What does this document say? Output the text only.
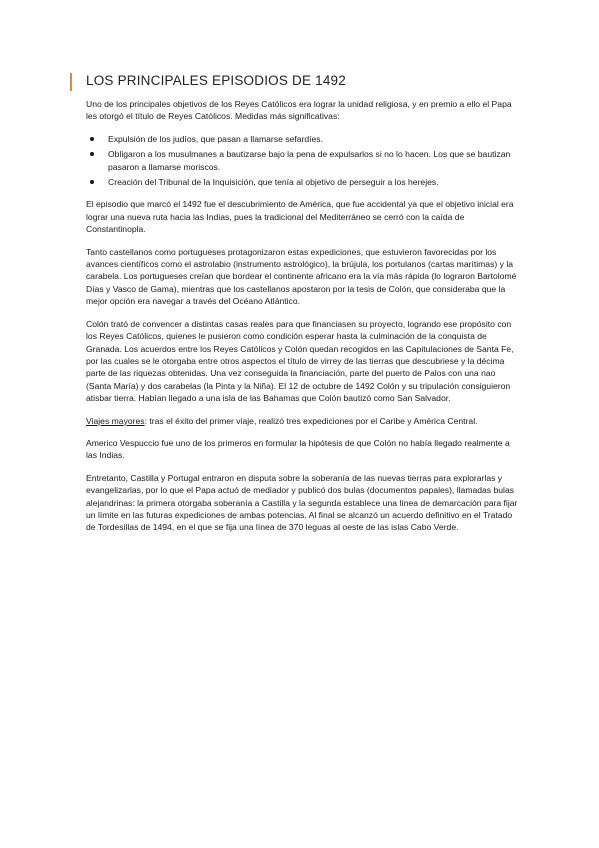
LOS PRINCIPALES EPISODIOS DE 1492

Uno de los principales objetivos de los Reyes Católicos era lograr la unidad religiosa, y en premio a ello el Papa les otorgó el título de Reyes Católicos. Medidas más significativas:

Expulsión de los judíos, que pasan a llamarse sefardíes.
Obligaron a los musulmanes a bautizarse bajo la pena de expulsarlos si no lo hacen. Los que se bautizan pasaron a llamarse moriscos.
Creación del Tribunal de la Inquisición, que tenía al objetivo de perseguir a los herejes.

El episodio que marcó el 1492 fue el descubrimiento de América, que fue accidental ya que el objetivo inicial era lograr una nueva ruta hacia las Indias, pues la tradicional del Mediterráneo se cerró con la caída de Constantinopla.

Tanto castellanos como portugueses protagonizaron estas expediciones, que estuvieron favorecidas por los avances científicos como el astrolabio (instrumento astrológico), la brújula, los portulanos (cartas marítimas) y la carabela. Los portugueses creían que bordear el continente africano era la vía más rápida (lo lograron Bartolomé Días y Vasco de Gama), mientras que los castellanos apostaron por la tesis de Colón, que consideraba que la mejor opción era navegar a través del Océano Atlántico.

Colón trató de convencer a distintas casas reales para que financiasen su proyecto, logrando ese propósito con los Reyes Católicos, quienes le pusieron como condición esperar hasta la culminación de la conquista de Granada. Los acuerdos entre los Reyes Católicos y Colón quedan recogidos en las Capitulaciones de Santa Fe, por las cuales se le otorgaba entre otros aspectos el título de virrey de las tierras que descubriese y la décima parte de las riquezas obtenidas. Una vez conseguida la financiación, parte del puerto de Palos con una nao (Santa María) y dos carabelas (la Pinta y la Niña). El 12 de octubre de 1492 Colón y su tripulación consiguieron atisbar tierra. Habían llegado a una isla de las Bahamas que Colón bautizó como San Salvador.

Viajes mayores: tras el éxito del primer viaje, realizó tres expediciones por el Caribe y América Central.

Americo Vespuccio fue uno de los primeros en formular la hipótesis de que Colón no había llegado realmente a las Indias.

Entretanto, Castilla y Portugal entraron en disputa sobre la soberanía de las nuevas tierras para explorarlas y evangelizarlas, por lo que el Papa actuó de mediador y publicó dos bulas (documentos papales), llamadas bulas alejandrinas: la primera otorgaba soberanía a Castilla y la segunda establece una línea de demarcación para fijar un límite en las futuras expediciones de ambas potencias. Al final se alcanzó un acuerdo definitivo en el Tratado de Tordesillas de 1494, en el que se fija una línea de 370 leguas al oeste de las islas Cabo Verde.
